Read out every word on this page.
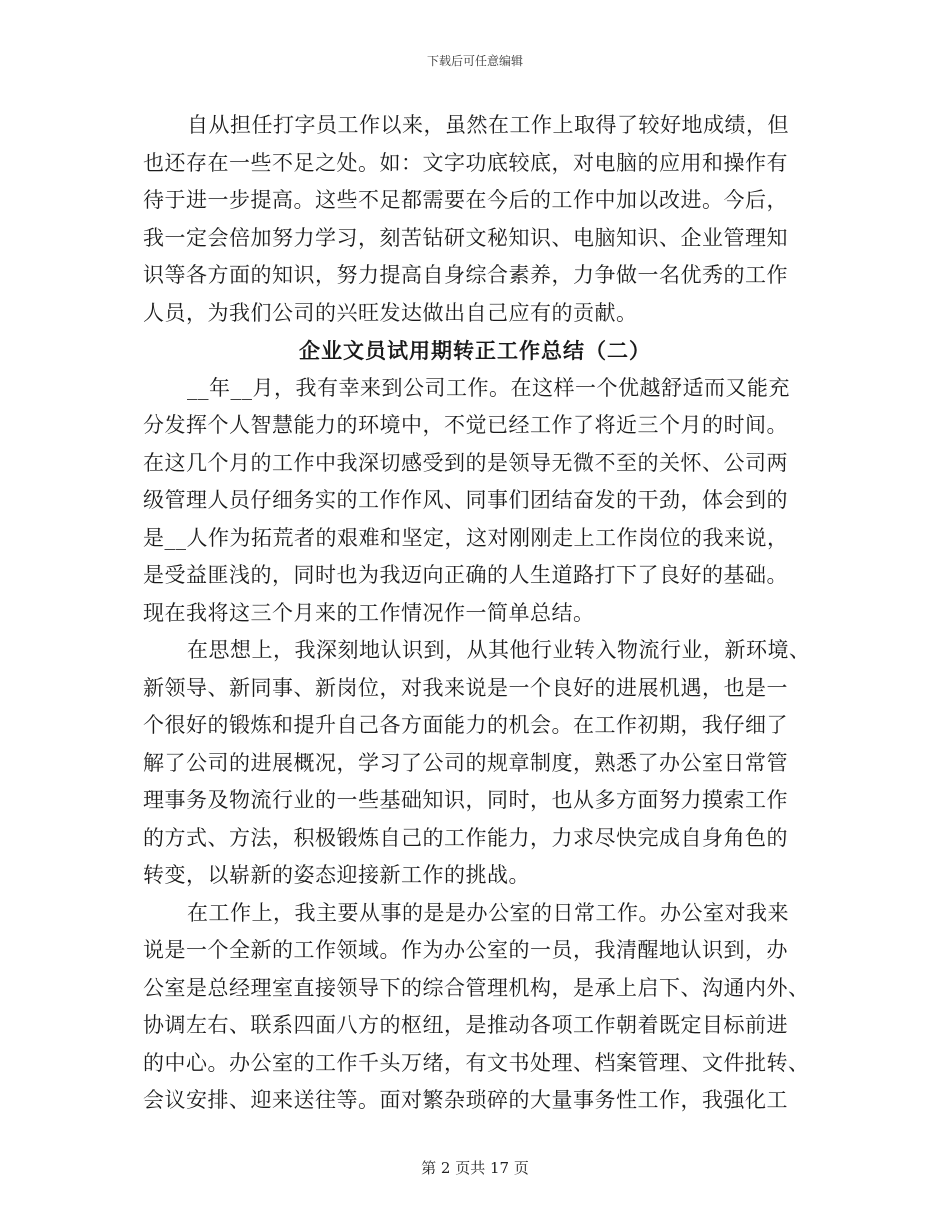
下载后可任意编辑
自从担任打字员工作以来，虽然在工作上取得了较好地成绩，但
也还存在一些不足之处。如：文字功底较底，对电脑的应用和操作有
待于进一步提高。这些不足都需要在今后的工作中加以改进。今后，
我一定会倍加努力学习，刻苦钻研文秘知识、电脑知识、企业管理知
识等各方面的知识，努力提高自身综合素养，力争做一名优秀的工作
人员，为我们公司的兴旺发达做出自己应有的贡献。
企业文员试用期转正工作总结（二）
__年__月，我有幸来到公司工作。在这样一个优越舒适而又能充
分发挥个人智慧能力的环境中，不觉已经工作了将近三个月的时间。
在这几个月的工作中我深切感受到的是领导无微不至的关怀、公司两
级管理人员仔细务实的工作作风、同事们团结奋发的干劲，体会到的
是__人作为拓荒者的艰难和坚定，这对刚刚走上工作岗位的我来说，
是受益匪浅的，同时也为我迈向正确的人生道路打下了良好的基础。
现在我将这三个月来的工作情况作一简单总结。
在思想上，我深刻地认识到，从其他行业转入物流行业，新环境、
新领导、新同事、新岗位，对我来说是一个良好的进展机遇，也是一
个很好的锻炼和提升自己各方面能力的机会。在工作初期，我仔细了
解了公司的进展概况，学习了公司的规章制度，熟悉了办公室日常管
理事务及物流行业的一些基础知识，同时，也从多方面努力摸索工作
的方式、方法，积极锻炼自己的工作能力，力求尽快完成自身角色的
转变，以崭新的姿态迎接新工作的挑战。
在工作上，我主要从事的是是办公室的日常工作。办公室对我来
说是一个全新的工作领域。作为办公室的一员，我清醒地认识到，办
公室是总经理室直接领导下的综合管理机构，是承上启下、沟通内外、
协调左右、联系四面八方的枢纽，是推动各项工作朝着既定目标前进
的中心。办公室的工作千头万绪，有文书处理、档案管理、文件批转、
会议安排、迎来送往等。面对繁杂琐碎的大量事务性工作，我强化工
第 2 页共 17 页
